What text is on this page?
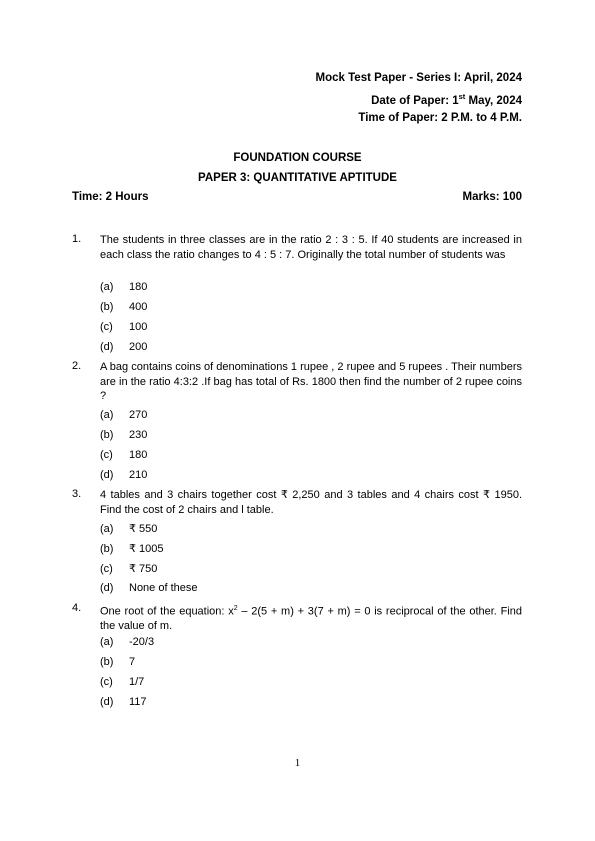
Mock Test Paper - Series I: April, 2024
Date of Paper: 1st May, 2024
Time of Paper: 2 P.M. to 4 P.M.
FOUNDATION COURSE
PAPER 3: QUANTITATIVE APTITUDE
Time: 2 Hours	Marks: 100
1. The students in three classes are in the ratio 2 : 3 : 5. If 40 students are increased in each class the ratio changes to 4 : 5 : 7. Originally the total number of students was
(a) 180
(b) 400
(c) 100
(d) 200
2. A bag contains coins of denominations 1 rupee , 2 rupee and 5 rupees . Their numbers are in the ratio 4:3:2 .If bag has total of Rs. 1800 then find the number of 2 rupee coins ?
(a) 270
(b) 230
(c) 180
(d) 210
3. 4 tables and 3 chairs together cost ₹ 2,250 and 3 tables and 4 chairs cost ₹ 1950. Find the cost of 2 chairs and l table.
(a) ₹ 550
(b) ₹ 1005
(c) ₹ 750
(d) None of these
4. One root of the equation: $x^2 - 2(5 + m) + 3(7 + m) = 0$ is reciprocal of the other. Find the value of m.
(a) -20/3
(b) 7
(c) 1/7
(d) 117
1
